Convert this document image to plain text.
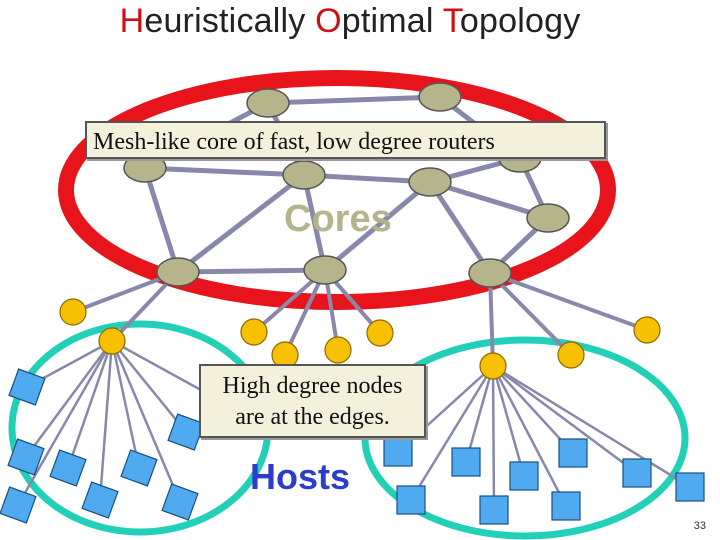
Heuristically Optimal Topology
Mesh-like core of fast, low degree routers
High degree nodes
are at the edges.
Cores
Hosts
33
